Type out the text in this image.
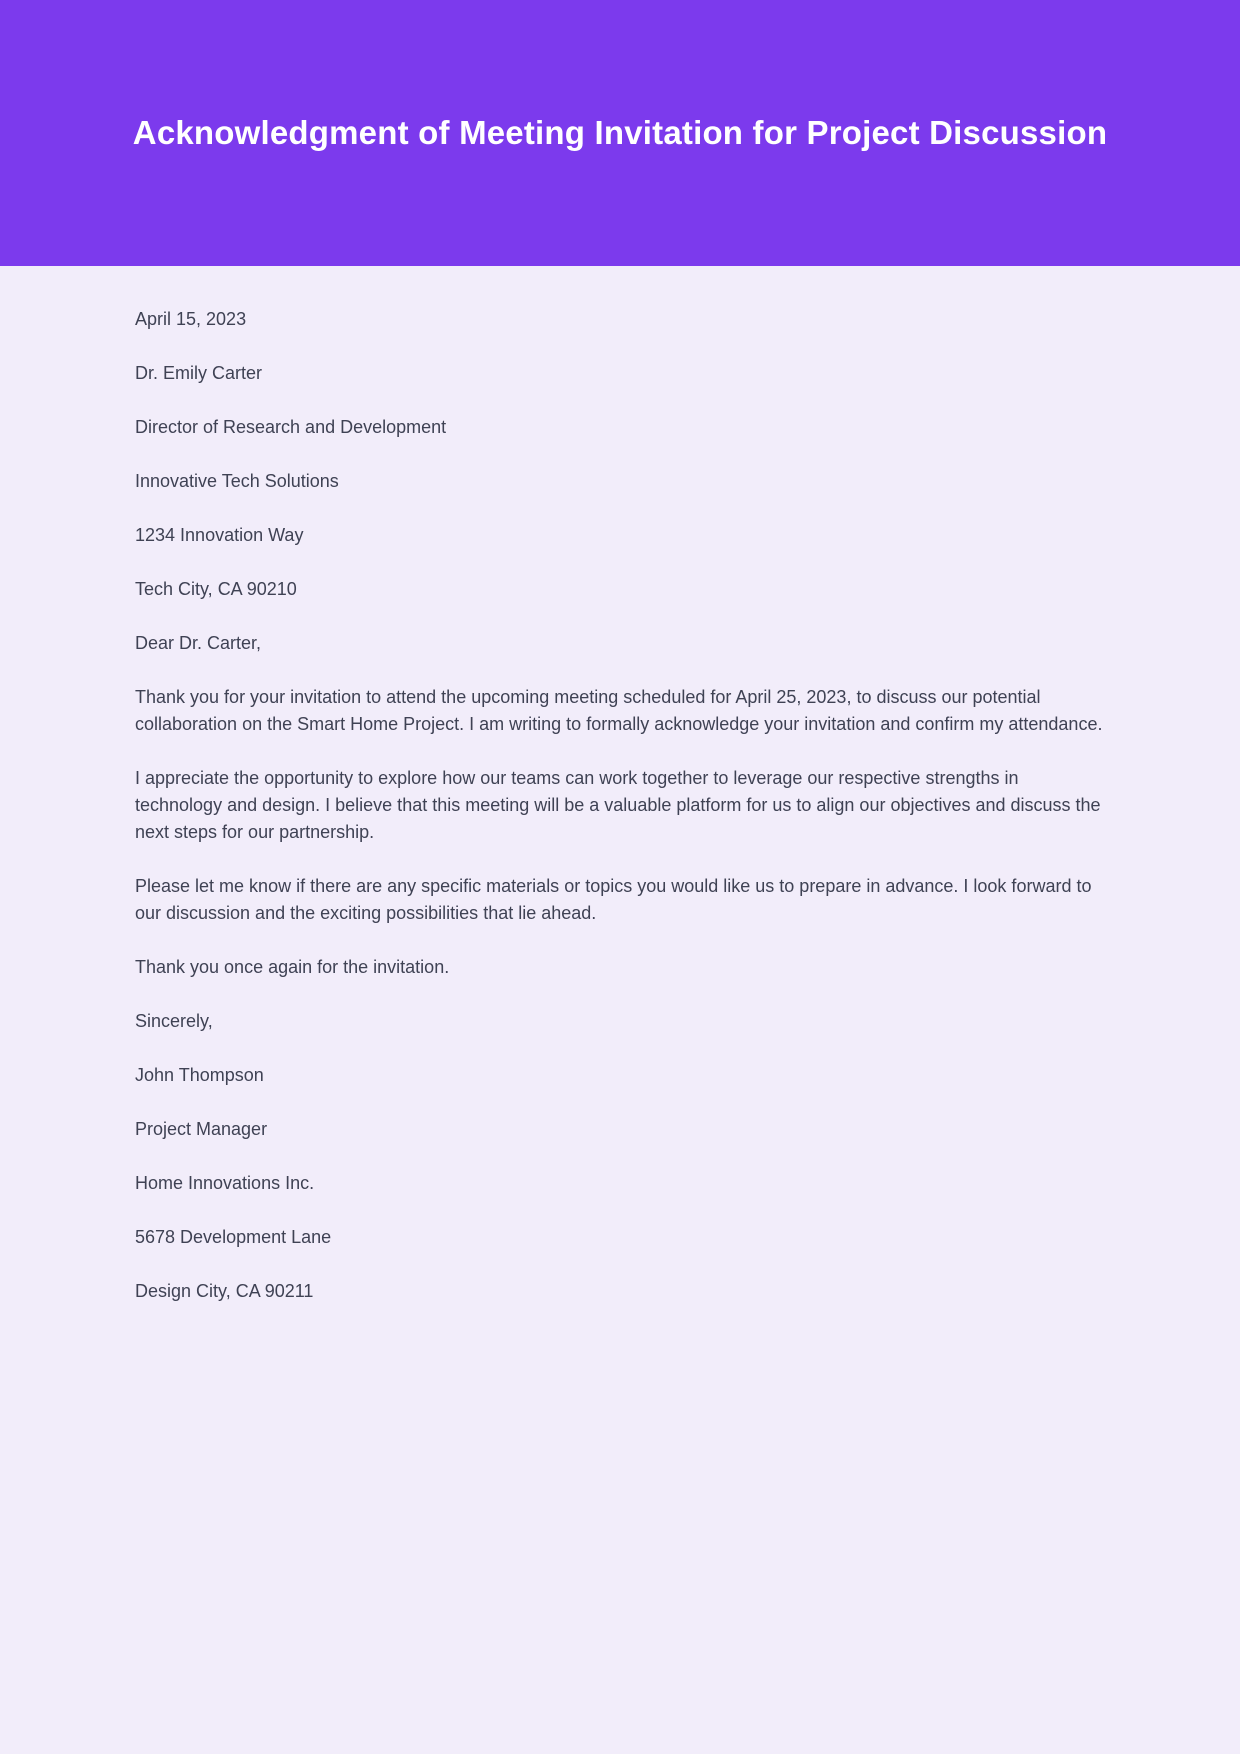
Acknowledgment of Meeting Invitation for Project Discussion

April 15, 2023

Dr. Emily Carter

Director of Research and Development

Innovative Tech Solutions

1234 Innovation Way

Tech City, CA 90210

Dear Dr. Carter,

Thank you for your invitation to attend the upcoming meeting scheduled for April 25, 2023, to discuss our potential collaboration on the Smart Home Project. I am writing to formally acknowledge your invitation and confirm my attendance.

I appreciate the opportunity to explore how our teams can work together to leverage our respective strengths in technology and design. I believe that this meeting will be a valuable platform for us to align our objectives and discuss the next steps for our partnership.

Please let me know if there are any specific materials or topics you would like us to prepare in advance. I look forward to our discussion and the exciting possibilities that lie ahead.

Thank you once again for the invitation.

Sincerely,

John Thompson

Project Manager

Home Innovations Inc.

5678 Development Lane

Design City, CA 90211
